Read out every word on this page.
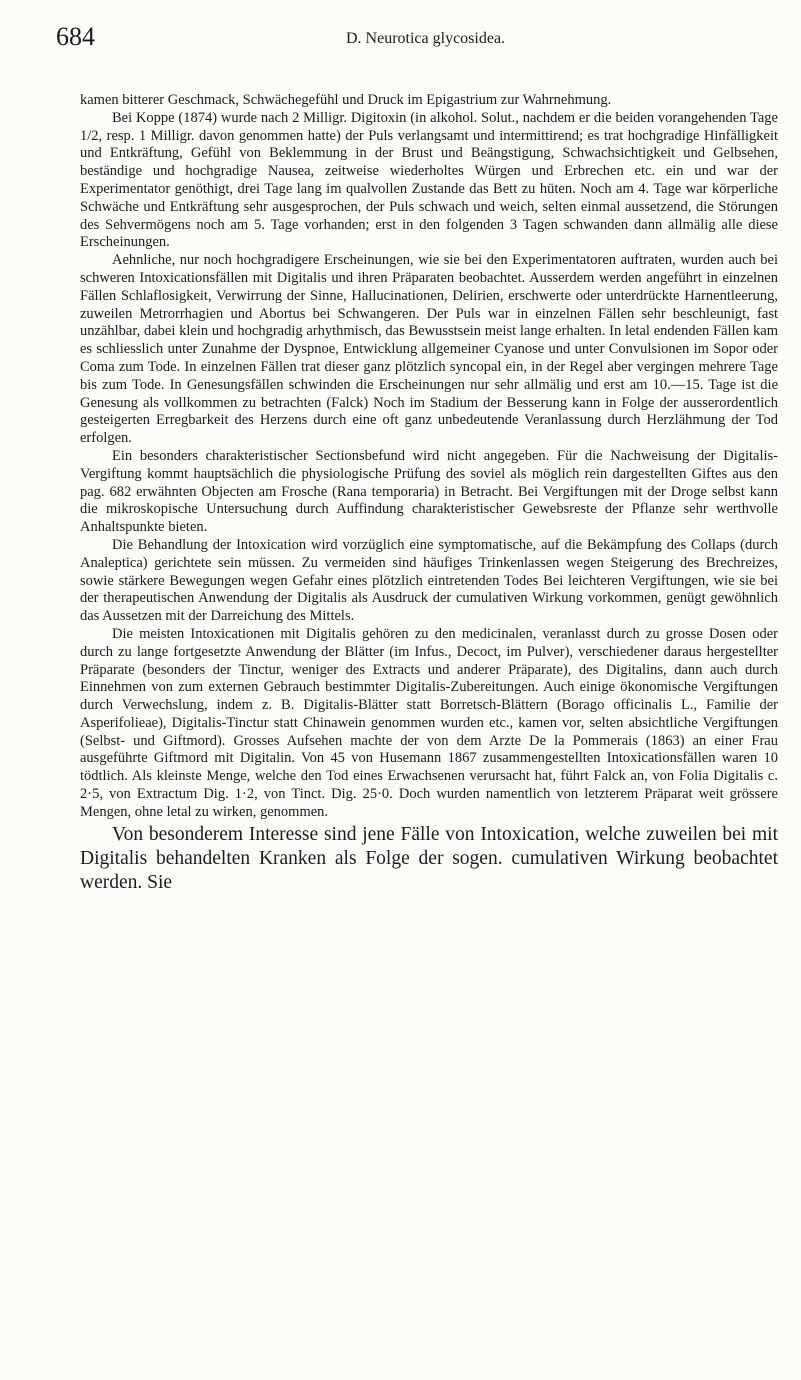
684	D. Neurotica glycosidea.

kamen bitterer Geschmack, Schwächegefühl und Druck im Epigastrium zur Wahrnehmung.

Bei Koppe (1874) wurde nach 2 Milligr. Digitoxin (in alkohol. Solut., nachdem er die beiden vorangehenden Tage 1/2, resp. 1 Milligr. davon genommen hatte) der Puls verlangsamt und intermittirend; es trat hochgradige Hinfälligkeit und Entkräftung, Gefühl von Beklemmung in der Brust und Beängstigung, Schwachsichtigkeit und Gelbsehen, beständige und hochgradige Nausea, zeitweise wiederholtes Würgen und Erbrechen etc. ein und war der Experimentator genöthigt, drei Tage lang im qualvollen Zustande das Bett zu hüten. Noch am 4. Tage war körperliche Schwäche und Entkräftung sehr ausgesprochen, der Puls schwach und weich, selten einmal aussetzend, die Störungen des Sehvermögens noch am 5. Tage vorhanden; erst in den folgenden 3 Tagen schwanden dann allmälig alle diese Erscheinungen.

Aehnliche, nur noch hochgradigere Erscheinungen, wie sie bei den Experimentatoren auftraten, wurden auch bei schweren Intoxicationsfällen mit Digitalis und ihren Präparaten beobachtet. Ausserdem werden angeführt in einzelnen Fällen Schlaflosigkeit, Verwirrung der Sinne, Hallucinationen, Delirien, erschwerte oder unterdrückte Harnentleerung, zuweilen Metrorrhagien und Abortus bei Schwangeren. Der Puls war in einzelnen Fällen sehr beschleunigt, fast unzählbar, dabei klein und hochgradig arhythmisch, das Bewusstsein meist lange erhalten. In letal endenden Fällen kam es schliesslich unter Zunahme der Dyspnoe, Entwicklung allgemeiner Cyanose und unter Convulsionen im Sopor oder Coma zum Tode. In einzelnen Fällen trat dieser ganz plötzlich syncopal ein, in der Regel aber vergingen mehrere Tage bis zum Tode. In Genesungsfällen schwinden die Erscheinungen nur sehr allmälig und erst am 10.—15. Tage ist die Genesung als vollkommen zu betrachten (Falck) Noch im Stadium der Besserung kann in Folge der ausserordentlich gesteigerten Erregbarkeit des Herzens durch eine oft ganz unbedeutende Veranlassung durch Herzlähmung der Tod erfolgen.

Ein besonders charakteristischer Sectionsbefund wird nicht angegeben. Für die Nachweisung der Digitalis-Vergiftung kommt hauptsächlich die physiologische Prüfung des soviel als möglich rein dargestellten Giftes aus den pag. 682 erwähnten Objecten am Frosche (Rana temporaria) in Betracht. Bei Vergiftungen mit der Droge selbst kann die mikroskopische Untersuchung durch Auffindung charakteristischer Gewebsreste der Pflanze sehr werthvolle Anhaltspunkte bieten.

Die Behandlung der Intoxication wird vorzüglich eine symptomatische, auf die Bekämpfung des Collaps (durch Analeptica) gerichtete sein müssen. Zu vermeiden sind häufiges Trinkenlassen wegen Steigerung des Brechreizes, sowie stärkere Bewegungen wegen Gefahr eines plötzlich eintretenden Todes Bei leichteren Vergiftungen, wie sie bei der therapeutischen Anwendung der Digitalis als Ausdruck der cumulativen Wirkung vorkommen, genügt gewöhnlich das Aussetzen mit der Darreichung des Mittels.

Die meisten Intoxicationen mit Digitalis gehören zu den medicinalen, veranlasst durch zu grosse Dosen oder durch zu lange fortgesetzte Anwendung der Blätter (im Infus., Decoct, im Pulver), verschiedener daraus hergestellter Präparate (besonders der Tinctur, weniger des Extracts und anderer Präparate), des Digitalins, dann auch durch Einnehmen von zum externen Gebrauch bestimmter Digitalis-Zubereitungen. Auch einige ökonomische Vergiftungen durch Verwechslung, indem z. B. Digitalis-Blätter statt Borretsch-Blättern (Borago officinalis L., Familie der Asperifolieae), Digitalis-Tinctur statt Chinawein genommen wurden etc., kamen vor, selten absichtliche Vergiftungen (Selbst- und Giftmord). Grosses Aufsehen machte der von dem Arzte De la Pommerais (1863) an einer Frau ausgeführte Giftmord mit Digitalin. Von 45 von Husemann 1867 zusammengestellten Intoxicationsfällen waren 10 tödtlich. Als kleinste Menge, welche den Tod eines Erwachsenen verursacht hat, führt Falck an, von Folia Digitalis c. 2·5, von Extractum Dig. 1·2, von Tinct. Dig. 25·0. Doch wurden namentlich von letzterem Präparat weit grössere Mengen, ohne letal zu wirken, genommen.

Von besonderem Interesse sind jene Fälle von Intoxication, welche zuweilen bei mit Digitalis behandelten Kranken als Folge der sogen. cumulativen Wirkung beobachtet werden. Sie
